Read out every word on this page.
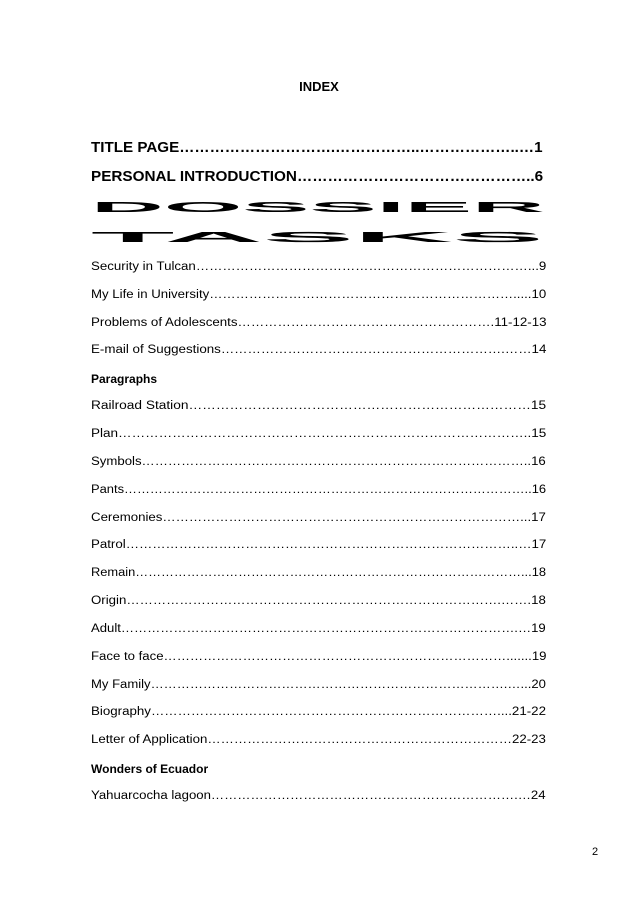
INDEX
TITLE PAGE………………………….……………..………………..…1
PERSONAL INTRODUCTION………………………………………..6
DOSSIER
TASKS
Security in Tulcan…………………………………………………………………...9
My Life in University…………………………………………………………….....10
Problems of Adolescents………………………………………………….11-12-13
E-mail of Suggestions……………………………………………………….……14
Paragraphs
Railroad Station…………………………………………………………………15
Plan………………………………………………………………………………..15
Symbols……………………………………………………………………………..16
Pants…………………………………………………………………………………..16
Ceremonies………………………………………………………………………...17
Patrol……………………………………………………………………………..…17
Remain………………………………………………………………………………...18
Origin………………………………………………………………………….…….18
Adult……………………………………………………………………………….…19
Face to face…………………………………………………………………….......19
My Family……………………………………………………………………….…...20
Biography……………………………………………………………………....21-22
Letter of Application……………………………………………………………22-23
Wonders of Ecuador
Yahuarcocha lagoon…………………………………………………………….…24
2
